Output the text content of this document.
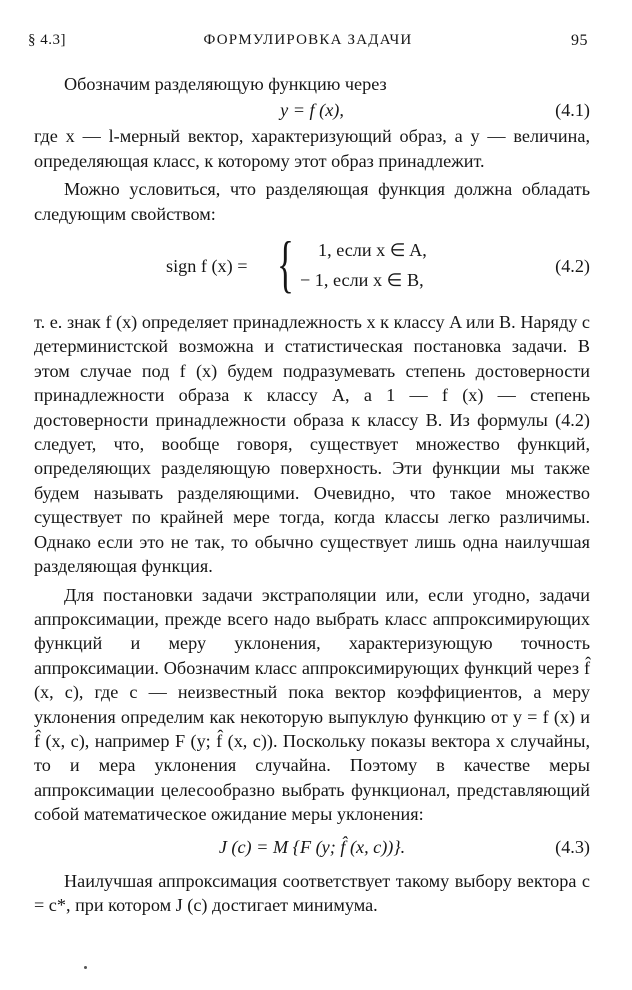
§ 4.3]	ФОРМУЛИРОВКА ЗАДАЧИ	95

Обозначим разделяющую функцию через

y = f (x),	(4.1)

где x — l-мерный вектор, характеризующий образ, а y — величина, определяющая класс, к которому этот образ принадлежит.

Можно условиться, что разделяющая функция должна обладать следующим свойством:

sign f (x) = { 1, если x ∈ A,
− 1, если x ∈ B,
(4.2)

т. е. знак f (x) определяет принадлежность x к классу A или B. Наряду с детерминистской возможна и статистическая постановка задачи. В этом случае под f (x) будем подразумевать степень достоверности принадлежности образа к классу A, а 1 — f (x) — степень достоверности принадлежности образа к классу B. Из формулы (4.2) следует, что, вообще говоря, существует множество функций, определяющих разделяющую поверхность. Эти функции мы также будем называть разделяющими. Очевидно, что такое множество существует по крайней мере тогда, когда классы легко различимы. Однако если это не так, то обычно существует лишь одна наилучшая разделяющая функция.

Для постановки задачи экстраполяции или, если угодно, задачи аппроксимации, прежде всего надо выбрать класс аппроксимирующих функций и меру уклонения, характеризующую точность аппроксимации. Обозначим класс аппроксимирующих функций через f̂ (x, c), где c — неизвестный пока вектор коэффициентов, а меру уклонения определим как некоторую выпуклую функцию от y = f (x) и f̂ (x, c), например F (y; f̂ (x, c)). Поскольку показы вектора x случайны, то и мера уклонения случайна. Поэтому в качестве меры аппроксимации целесообразно выбрать функционал, представляющий собой математическое ожидание меры уклонения:

J (c) = M {F (y; f̂ (x, c))}.	(4.3)

Наилучшая аппроксимация соответствует такому выбору вектора c = c*, при котором J (c) достигает минимума.
